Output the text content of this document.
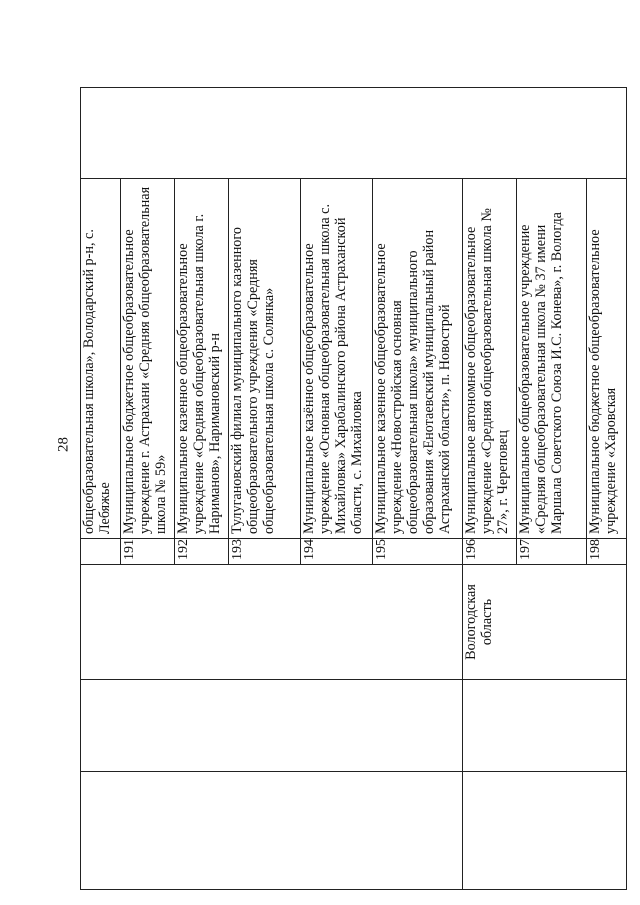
28
				общеобразовательная школа», Володарский р-н, с. Лебяжье	
			191	Муниципальное бюджетное общеобразовательное учреждение г. Астрахани «Средняя общеобразовательная школа № 59»	
			192	Муниципальное казенное общеобразовательное учреждение «Средняя общеобразовательная школа г. Нариманов», Наримановский р-н	
			193	Тулугановский филиал муниципального казенного общеобразовательного учреждения «Средняя общеобразовательная школа с. Солянка»	
			194	Муниципальное казённое общеобразовательное учреждение «Основная общеобразовательная школа с. Михайловка» Харабалинского района Астраханской области, с. Михайловка	
			195	Муниципальное казенное общеобразовательное учреждение «Новостройская основная общеобразовательная школа» муниципального образования «Енотаевский муниципальный район Астраханской области», п. Новострой	
		Вологодская область	196	Муниципальное автономное общеобразовательное учреждение «Средняя общеобразовательная школа № 27», г. Череповец	
			197	Муниципальное общеобразовательное учреждение «Средняя общеобразовательная школа № 37 имени Маршала Советского Союза И.С. Конева», г. Вологда	
			198	Муниципальное бюджетное общеобразовательное учреждение «Харовская	
